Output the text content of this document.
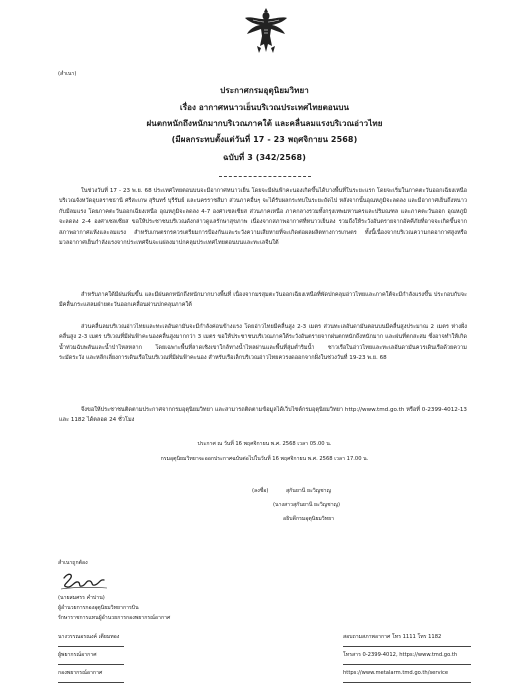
(สำเนา)
ประกาศกรมอุตุนิยมวิทยา
เรื่อง อากาศหนาวเย็นบริเวณประเทศไทยตอนบน
ฝนตกหนักถึงหนักมากบริเวณภาคใต้ และคลื่นลมแรงบริเวณอ่าวไทย
(มีผลกระทบตั้งแต่วันที่ 17 - 23 พฤศจิกายน 2568)
ฉบับที่ 3 (342/2568)
ในช่วงวันที่ 17 - 23 พ.ย. 68 ประเทศไทยตอนบนจะมีอากาศหนาวเย็น โดยจะมีฝนฟ้าคะนองเกิดขึ้นได้บางพื้นที่ในระยะแรก โดยจะเริ่มในภาคตะวันออกเฉียงเหนือ บริเวณจังหวัดอุบลราชธานี ศรีสะเกษ สุรินทร์ บุรีรัมย์ และนครราชสีมา ส่วนภาคอื่นๆ จะได้รับผลกระทบในระยะถัดไป หลังจากนั้นอุณหภูมิจะลดลง และมีอากาศเย็นถึงหนาว กับมีลมแรง โดยภาคตะวันออกเฉียงเหนือ อุณหภูมิจะลดลง 4-7 องศาเซลเซียส ส่วนภาคเหนือ ภาคกลางรวมทั้งกรุงเทพมหานครและปริมณฑล และภาคตะวันออก อุณหภูมิจะลดลง 2-4 องศาเซลเซียส ขอให้ประชาชนบริเวณดังกล่าวดูแลรักษาสุขภาพ เนื่องจากสภาพอากาศที่หนาวเย็นลง รวมถึงให้ระวังอันตรายจากอัคคีภัยที่อาจจะเกิดขึ้นจากสภาพอากาศแห้งและลมแรง สำหรับเกษตรกรควรเตรียมการป้องกันและระวังความเสียหายที่จะเกิดต่อผลผลิตทางการเกษตร ทั้งนี้เนื่องจากบริเวณความกดอากาศสูงหรือมวลอากาศเย็นกำลังแรงจากประเทศจีนจะแผ่ลงมาปกคลุมประเทศไทยตอนบนและทะเลจีนใต้
สำหรับภาคใต้มีฝนเพิ่มขึ้น และมีฝนตกหนักถึงหนักมากบางพื้นที่ เนื่องจากมรสุมตะวันออกเฉียงเหนือที่พัดปกคลุมอ่าวไทยและภาคใต้จะมีกำลังแรงขึ้น ประกอบกับจะมีคลื่นกระแสลมฝ่ายตะวันออกเคลื่อนผ่านปกคลุมภาคใต้
ส่วนคลื่นลมบริเวณอ่าวไทยและทะเลอันดามันจะมีกำลังค่อนข้างแรง โดยอ่าวไทยมีคลื่นสูง 2-3 เมตร ส่วนทะเลอันดามันตอนบนมีคลื่นสูงประมาณ 2 เมตร ห่างฝั่งคลื่นสูง 2-3 เมตร บริเวณที่มีฝนฟ้าคะนองคลื่นสูงมากกว่า 3 เมตร ขอให้ประชาชนบริเวณภาคใต้ระวังอันตรายจากฝนตกหนักถึงหนักมาก และฝนที่ตกสะสม ซึ่งอาจทำให้เกิดน้ำท่วมฉับพลันและน้ำป่าไหลหลาก โดยเฉพาะพื้นที่ลาดเชิงเขาใกล้ทางน้ำไหลผ่านและพื้นที่ลุ่มต่ำริมน้ำ ชาวเรือในอ่าวไทยและทะเลอันดามันควรเดินเรือด้วยความระมัดระวัง และหลีกเลี่ยงการเดินเรือในบริเวณที่มีฝนฟ้าคะนอง สำหรับเรือเล็กบริเวณอ่าวไทยควรงดออกจากฝั่งในช่วงวันที่ 19-23 พ.ย. 68
จึงขอให้ประชาชนติดตามประกาศจากกรมอุตุนิยมวิทยา และสามารถติดตามข้อมูลได้เว็บไซต์กรมอุตุนิยมวิทยา http://www.tmd.go.th หรือที่ 0-2399-4012-13 และ 1182 ได้ตลอด 24 ชั่วโมง
ประกาศ ณ วันที่ 16 พฤศจิกายน พ.ศ. 2568 เวลา 05.00 น.
กรมอุตุนิยมวิทยาจะออกประกาศฉบับต่อไปในวันที่ 16 พฤศจิกายน พ.ศ. 2568 เวลา 17.00 น.
(ลงชื่อ)	สุกันยานี ยะวิญชาญ
(นางสาวสุกันยานี ยะวิญชาญ)
อธิบดีกรมอุตุนิยมวิทยา
สำเนาถูกต้อง
(นายสมศรร คำบ่าน)
ผู้อำนวยการกองอุตุนิยมวิทยาการบิน
รักษาราชการแทนผู้อำนวยการกองพยากรณ์อากาศ
นางวรรณอรณงค์ เตียมทอง
ผู้พยากรณ์อากาศ
กองพยากรณ์อากาศ
สอบถามสภาพอากาศ โทร 1111 โทร 1182
โทรสาร 0-2399-4012, https://www.tmd.go.th
https://www.metalarm.tmd.go.th/service
